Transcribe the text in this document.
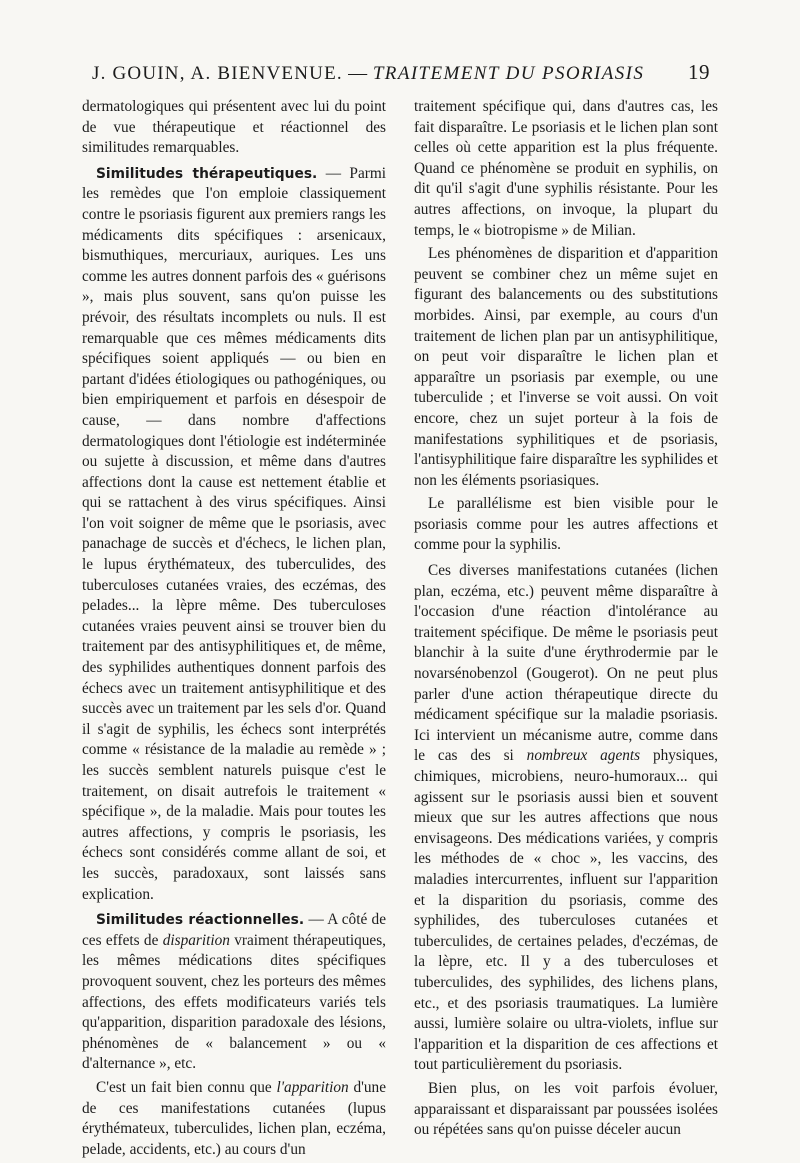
J. GOUIN, A. BIENVENUE. — TRAITEMENT DU PSORIASIS 19

dermatologiques qui présentent avec lui du point de vue thérapeutique et réactionnel des similitudes remarquables.

Similitudes thérapeutiques. — Parmi les remèdes que l'on emploie classiquement contre le psoriasis figurent aux premiers rangs les médicaments dits spécifiques : arsenicaux, bismuthiques, mercuriaux, auriques. Les uns comme les autres donnent parfois des « guérisons », mais plus souvent, sans qu'on puisse les prévoir, des résultats incomplets ou nuls. Il est remarquable que ces mêmes médicaments dits spécifiques soient appliqués — ou bien en partant d'idées étiologiques ou pathogéniques, ou bien empiriquement et parfois en désespoir de cause, — dans nombre d'affections dermatologiques dont l'étiologie est indéterminée ou sujette à discussion, et même dans d'autres affections dont la cause est nettement établie et qui se rattachent à des virus spécifiques. Ainsi l'on voit soigner de même que le psoriasis, avec panachage de succès et d'échecs, le lichen plan, le lupus érythémateux, des tuberculides, des tuberculoses cutanées vraies, des eczémas, des pelades... la lèpre même. Des tuberculoses cutanées vraies peuvent ainsi se trouver bien du traitement par des antisyphilitiques et, de même, des syphilides authentiques donnent parfois des échecs avec un traitement antisyphilitique et des succès avec un traitement par les sels d'or. Quand il s'agit de syphilis, les échecs sont interprétés comme « résistance de la maladie au remède » ; les succès semblent naturels puisque c'est le traitement, on disait autrefois le traitement « spécifique », de la maladie. Mais pour toutes les autres affections, y compris le psoriasis, les échecs sont considérés comme allant de soi, et les succès, paradoxaux, sont laissés sans explication.

Similitudes réactionnelles. — A côté de ces effets de disparition vraiment thérapeutiques, les mêmes médications dites spécifiques provoquent souvent, chez les porteurs des mêmes affections, des effets modificateurs variés tels qu'apparition, disparition paradoxale des lésions, phénomènes de « balancement » ou « d'alternance », etc.

C'est un fait bien connu que l'apparition d'une de ces manifestations cutanées (lupus érythémateux, tuberculides, lichen plan, eczéma, pelade, accidents, etc.) au cours d'un

traitement spécifique qui, dans d'autres cas, les fait disparaître. Le psoriasis et le lichen plan sont celles où cette apparition est la plus fréquente. Quand ce phénomène se produit en syphilis, on dit qu'il s'agit d'une syphilis résistante. Pour les autres affections, on invoque, la plupart du temps, le « biotropisme » de Milian.

Les phénomènes de disparition et d'apparition peuvent se combiner chez un même sujet en figurant des balancements ou des substitutions morbides. Ainsi, par exemple, au cours d'un traitement de lichen plan par un antisyphilitique, on peut voir disparaître le lichen plan et apparaître un psoriasis par exemple, ou une tuberculide ; et l'inverse se voit aussi. On voit encore, chez un sujet porteur à la fois de manifestations syphilitiques et de psoriasis, l'antisyphilitique faire disparaître les syphilides et non les éléments psoriasiques.

Le parallélisme est bien visible pour le psoriasis comme pour les autres affections et comme pour la syphilis.

Ces diverses manifestations cutanées (lichen plan, eczéma, etc.) peuvent même disparaître à l'occasion d'une réaction d'intolérance au traitement spécifique. De même le psoriasis peut blanchir à la suite d'une érythrodermie par le novarsénobenzol (Gougerot). On ne peut plus parler d'une action thérapeutique directe du médicament spécifique sur la maladie psoriasis. Ici intervient un mécanisme autre, comme dans le cas des si nombreux agents physiques, chimiques, microbiens, neuro-humoraux... qui agissent sur le psoriasis aussi bien et souvent mieux que sur les autres affections que nous envisageons. Des médications variées, y compris les méthodes de « choc », les vaccins, des maladies intercurrentes, influent sur l'apparition et la disparition du psoriasis, comme des syphilides, des tuberculoses cutanées et tuberculides, de certaines pelades, d'eczémas, de la lèpre, etc. Il y a des tuberculoses et tuberculides, des syphilides, des lichens plans, etc., et des psoriasis traumatiques. La lumière aussi, lumière solaire ou ultra-violets, influe sur l'apparition et la disparition de ces affections et tout particulièrement du psoriasis.

Bien plus, on les voit parfois évoluer, apparaissant et disparaissant par poussées isolées ou répétées sans qu'on puisse déceler aucun
